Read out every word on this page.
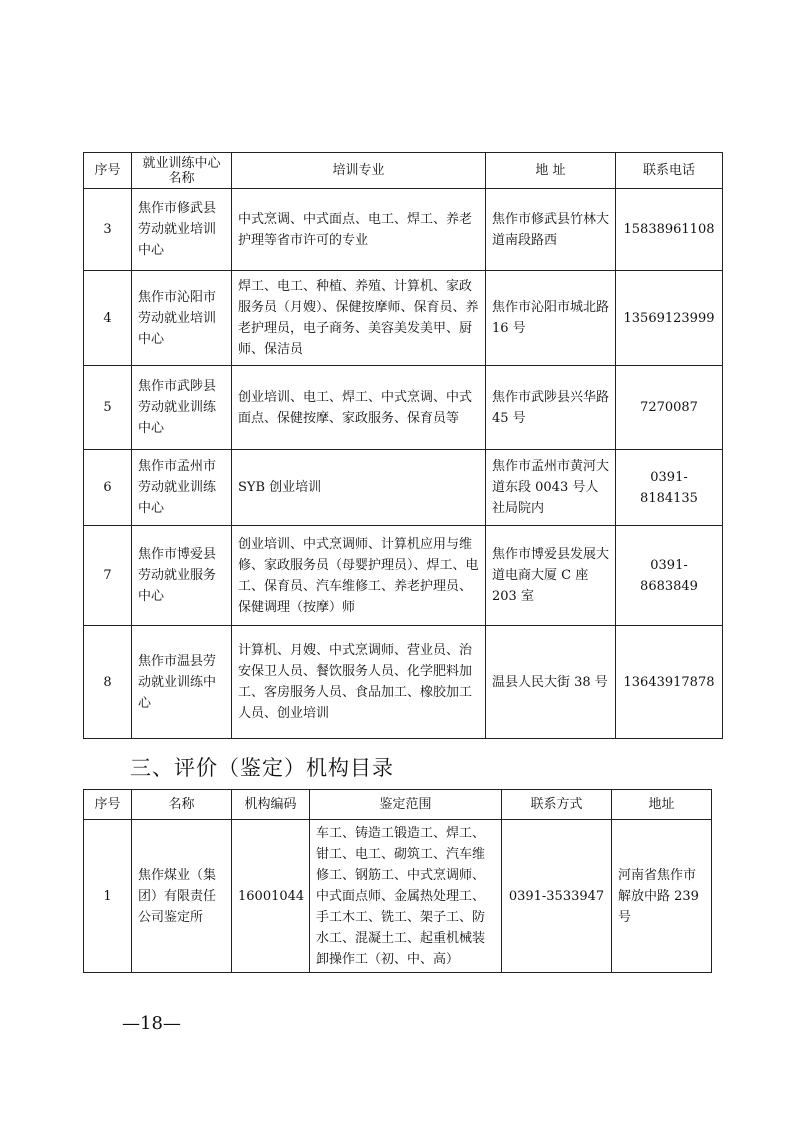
序号	就业训练中心名称	培训专业	地 址	联系电话
3	焦作市修武县劳动就业培训中心	中式烹调、中式面点、电工、焊工、养老护理等省市许可的专业	焦作市修武县竹林大道南段路西	15838961108
4	焦作市沁阳市劳动就业培训中心	焊工、电工、种植、养殖、计算机、家政服务员（月嫂）、保健按摩师、保育员、养老护理员，电子商务、美容美发美甲、厨师、保洁员	焦作市沁阳市城北路 16 号	13569123999
5	焦作市武陟县劳动就业训练中心	创业培训、电工、焊工、中式烹调、中式面点、保健按摩、家政服务、保育员等	焦作市武陟县兴华路 45 号	7270087
6	焦作市孟州市劳动就业训练中心	SYB 创业培训	焦作市孟州市黄河大道东段 0043 号人社局院内	0391-8184135
7	焦作市博爱县劳动就业服务中心	创业培训、中式烹调师、计算机应用与维修、家政服务员（母婴护理员）、焊工、电工、保育员、汽车维修工、养老护理员、保健调理（按摩）师	焦作市博爱县发展大道电商大厦 C 座 203 室	0391-8683849
8	焦作市温县劳动就业训练中心	计算机、月嫂、中式烹调师、营业员、治安保卫人员、餐饮服务人员、化学肥料加工、客房服务人员、食品加工、橡胶加工人员、创业培训	温县人民大街 38 号	13643917878
三、评价（鉴定）机构目录
序号	名称	机构编码	鉴定范围	联系方式	地址
1	焦作煤业（集团）有限责任公司鉴定所	16001044	车工、铸造工锻造工、焊工、钳工、电工、砌筑工、汽车维修工、钢筋工、中式烹调师、中式面点师、金属热处理工、手工木工、铣工、架子工、防水工、混凝土工、起重机械装卸操作工（初、中、高）	0391-3533947	河南省焦作市解放中路 239 号
—18—
